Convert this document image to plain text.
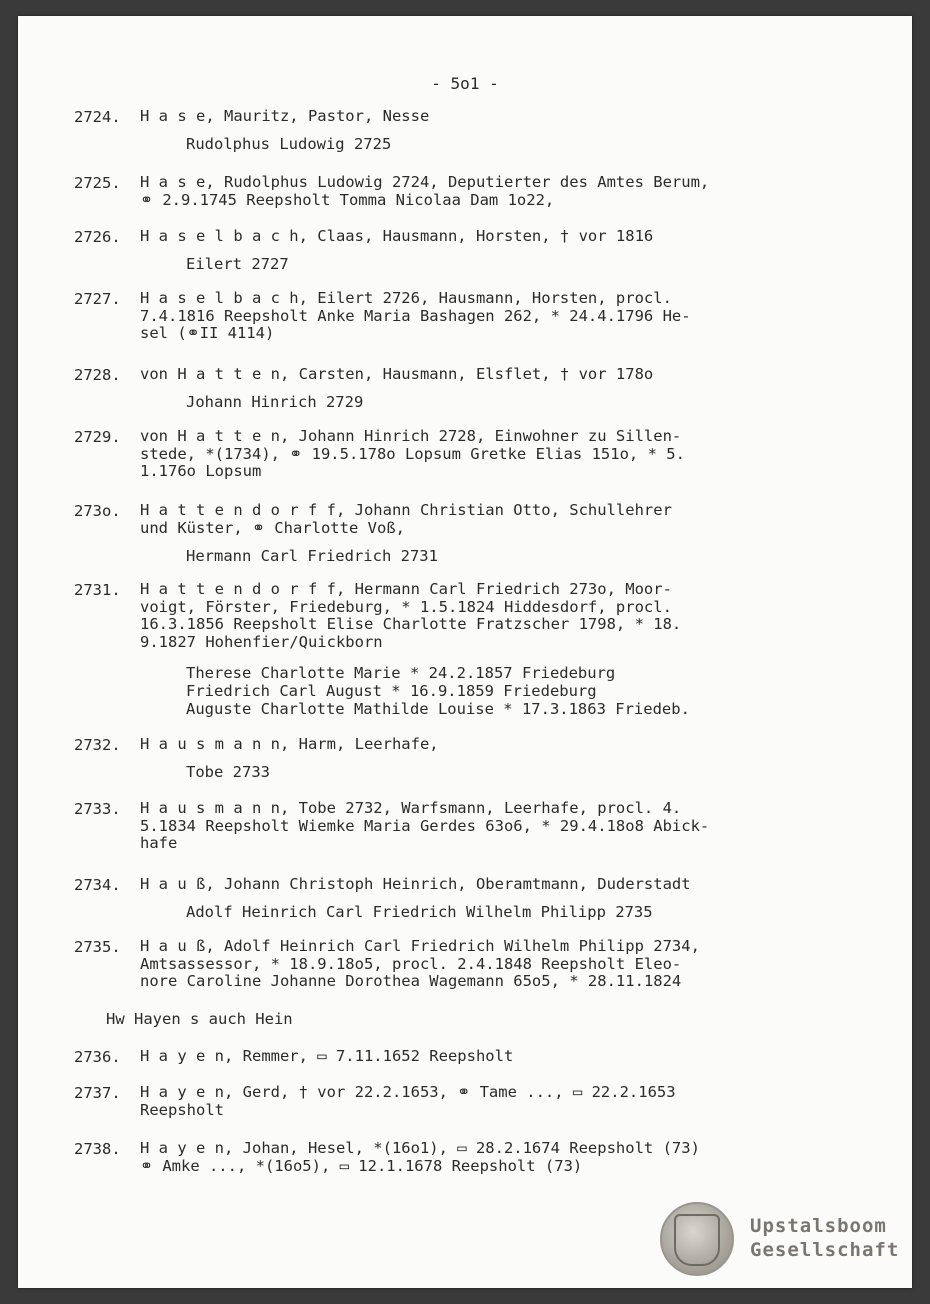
- 5o1 -
2724.	H a s e, Mauritz, Pastor, Nesse
Rudolphus Ludowig 2725
2725.	H a s e, Rudolphus Ludowig 2724, Deputierter des Amtes Berum,
⚭ 2.9.1745 Reepsholt Tomma Nicolaa Dam 1o22,
2726.	H a s e l b a c h, Claas, Hausmann, Horsten, † vor 1816
Eilert 2727
2727.	H a s e l b a c h, Eilert 2726, Hausmann, Horsten, procl.
7.4.1816 Reepsholt Anke Maria Bashagen 262, * 24.4.1796 He-
sel (⚭II 4114)
2728.	von H a t t e n, Carsten, Hausmann, Elsflet, † vor 178o
Johann Hinrich 2729
2729.	von H a t t e n, Johann Hinrich 2728, Einwohner zu Sillen-
stede, *(1734), ⚭ 19.5.178o Lopsum Gretke Elias 151o, * 5.
1.176o Lopsum
273o.	H a t t e n d o r f f, Johann Christian Otto, Schullehrer
und Küster, ⚭ Charlotte Voß,
Hermann Carl Friedrich 2731
2731.	H a t t e n d o r f f, Hermann Carl Friedrich 273o, Moor-
voigt, Förster, Friedeburg, * 1.5.1824 Hiddesdorf, procl.
16.3.1856 Reepsholt Elise Charlotte Fratzscher 1798, * 18.
9.1827 Hohenfier/Quickborn
Therese Charlotte Marie * 24.2.1857 Friedeburg
Friedrich Carl August * 16.9.1859 Friedeburg
Auguste Charlotte Mathilde Louise * 17.3.1863 Friedeb.
2732.	H a u s m a n n, Harm, Leerhafe,
Tobe 2733
2733.	H a u s m a n n, Tobe 2732, Warfsmann, Leerhafe, procl. 4.
5.1834 Reepsholt Wiemke Maria Gerdes 63o6, * 29.4.18o8 Abick-
hafe
2734.	H a u ß, Johann Christoph Heinrich, Oberamtmann, Duderstadt
Adolf Heinrich Carl Friedrich Wilhelm Philipp 2735
2735.	H a u ß, Adolf Heinrich Carl Friedrich Wilhelm Philipp 2734,
Amtsassessor, * 18.9.18o5, procl. 2.4.1848 Reepsholt Eleo-
nore Caroline Johanne Dorothea Wagemann 65o5, * 28.11.1824
2736.	H a y e n, Remmer, ▭ 7.11.1652 Reepsholt
2737.	H a y e n, Gerd, † vor 22.2.1653, ⚭ Tame ..., ▭ 22.2.1653
Reepsholt
2738.	H a y e n, Johan, Hesel, *(16o1), ▭ 28.2.1674 Reepsholt (73)
⚭ Amke ..., *(16o5), ▭ 12.1.1678 Reepsholt (73)
Hw Hayen s auch Hein
Upstalsboom
Gesellschaft
